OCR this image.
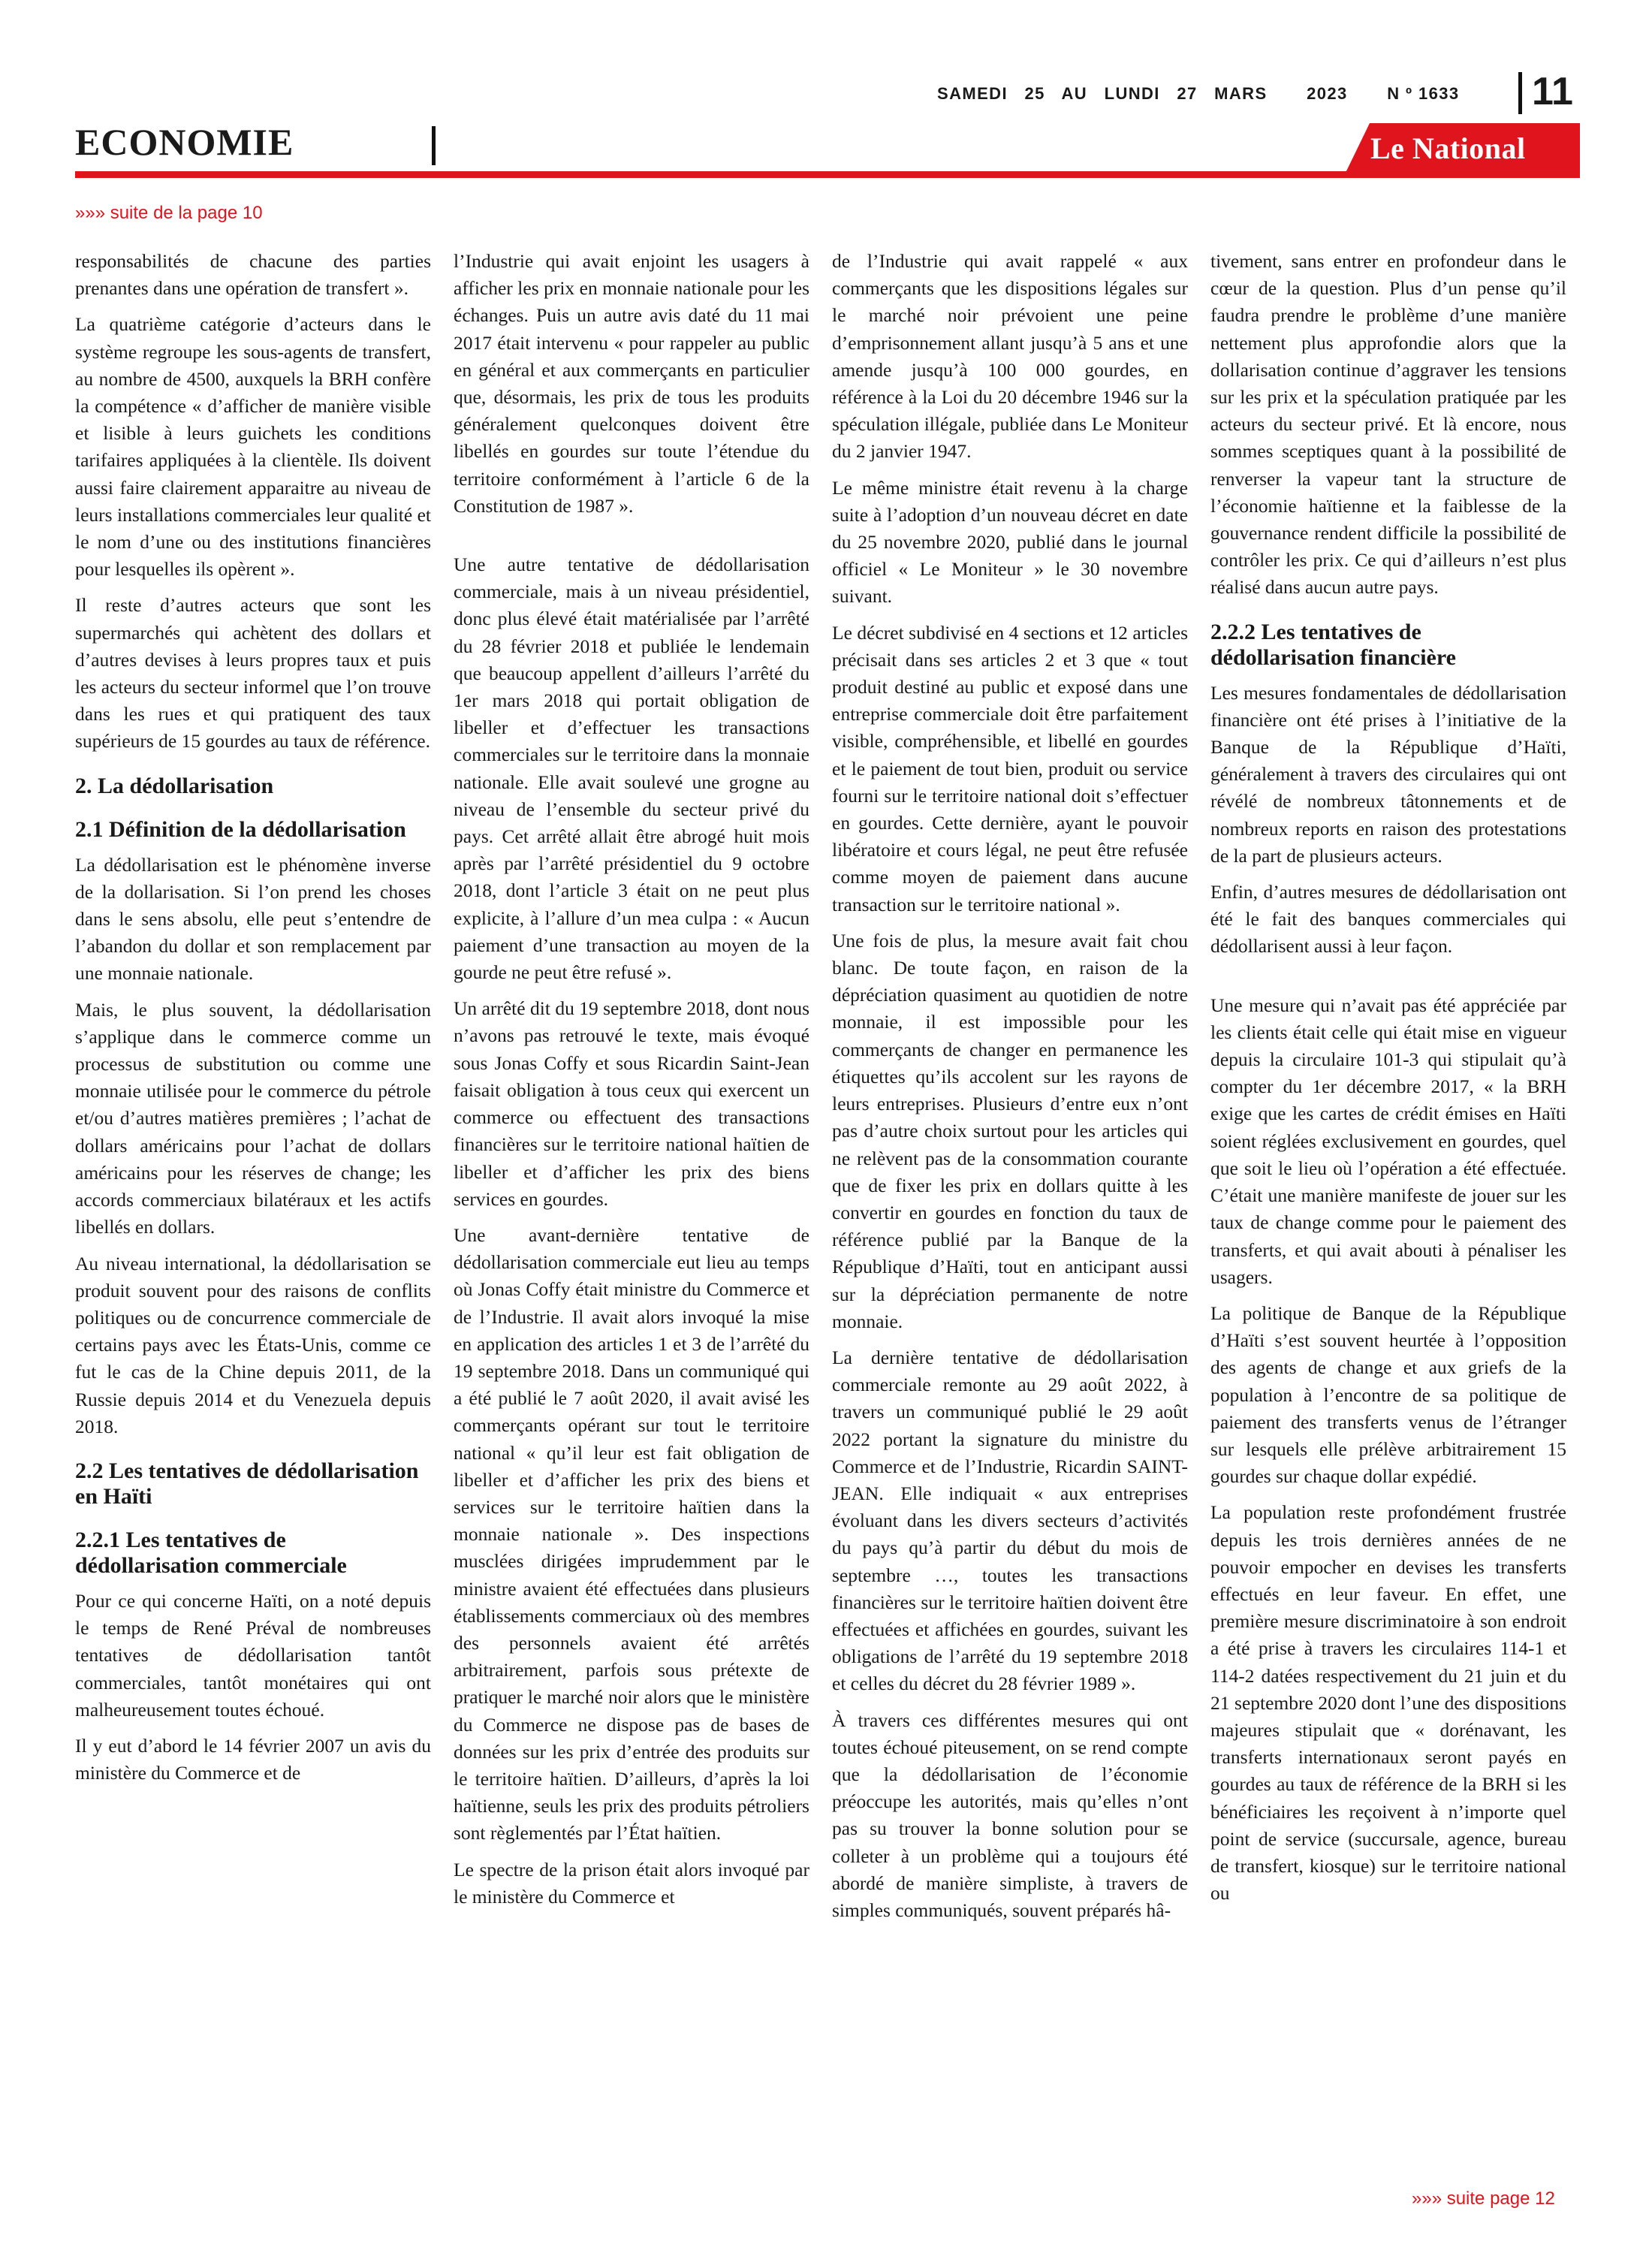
SAMEDI   25   AU   LUNDI   27   MARS       2023       N º 1633 11
ECONOMIE	Le National
»»» suite de la page 10

responsabilités de chacune des parties prenantes dans une opération de transfert ».

La quatrième catégorie d’acteurs dans le système regroupe les sous-agents de transfert, au nombre de 4500, auxquels la BRH confère la compétence « d’afficher de manière visible et lisible à leurs guichets les conditions tarifaires appliquées à la clientèle. Ils doivent aussi faire clairement apparaitre au niveau de leurs installations commerciales leur qualité et le nom d’une ou des institutions financières pour lesquelles ils opèrent ».

Il reste d’autres acteurs que sont les supermarchés qui achètent des dollars et d’autres devises à leurs propres taux et puis les acteurs du secteur informel que l’on trouve dans les rues et qui pratiquent des taux supérieurs de 15 gourdes au taux de référence.

2. La dédollarisation
2.1 Définition de la dédollarisation

La dédollarisation est le phénomène inverse de la dollarisation. Si l’on prend les choses dans le sens absolu, elle peut s’entendre de l’abandon du dollar et son remplacement par une monnaie nationale.

Mais, le plus souvent, la dédollarisation s’applique dans le commerce comme un processus de substitution ou comme une monnaie utilisée pour le commerce du pétrole et/ou d’autres matières premières ; l’achat de dollars américains pour l’achat de dollars américains pour les réserves de change; les accords commerciaux bilatéraux et les actifs libellés en dollars.

Au niveau international, la dédollarisation se produit souvent pour des raisons de conflits politiques ou de concurrence commerciale de certains pays avec les États-Unis, comme ce fut le cas de la Chine depuis 2011, de la Russie depuis 2014 et du Venezuela depuis 2018.

2.2 Les tentatives de dédollarisation en Haïti
2.2.1 Les tentatives de dédollarisation commerciale

Pour ce qui concerne Haïti, on a noté depuis le temps de René Préval de nombreuses tentatives de dédollarisation tantôt commerciales, tantôt monétaires qui ont malheureusement toutes échoué.

Il y eut d’abord le 14 février 2007 un avis du ministère du Commerce et de

l’Industrie qui avait enjoint les usagers à afficher les prix en monnaie nationale pour les échanges. Puis un autre avis daté du 11 mai 2017 était intervenu « pour rappeler au public en général et aux commerçants en particulier que, désormais, les prix de tous les produits généralement quelconques doivent être libellés en gourdes sur toute l’étendue du territoire conformément à l’article 6 de la Constitution de 1987 ».

Une autre tentative de dédollarisation commerciale, mais à un niveau présidentiel, donc plus élevé était matérialisée par l’arrêté du 28 février 2018 et publiée le lendemain que beaucoup appellent d’ailleurs l’arrêté du 1er mars 2018 qui portait obligation de libeller et d’effectuer les transactions commerciales sur le territoire dans la monnaie nationale. Elle avait soulevé une grogne au niveau de l’ensemble du secteur privé du pays. Cet arrêté allait être abrogé huit mois après par l’arrêté présidentiel du 9 octobre 2018, dont l’article 3 était on ne peut plus explicite, à l’allure d’un mea culpa : « Aucun paiement d’une transaction au moyen de la gourde ne peut être refusé ».

Un arrêté dit du 19 septembre 2018, dont nous n’avons pas retrouvé le texte, mais évoqué sous Jonas Coffy et sous Ricardin Saint-Jean faisait obligation à tous ceux qui exercent un commerce ou effectuent des transactions financières sur le territoire national haïtien de libeller et d’afficher les prix des biens services en gourdes.

Une avant-dernière tentative de dédollarisation commerciale eut lieu au temps où Jonas Coffy était ministre du Commerce et de l’Industrie. Il avait alors invoqué la mise en application des articles 1 et 3 de l’arrêté du 19 septembre 2018. Dans un communiqué qui a été publié le 7 août 2020, il avait avisé les commerçants opérant sur tout le territoire national « qu’il leur est fait obligation de libeller et d’afficher les prix des biens et services sur le territoire haïtien dans la monnaie nationale ». Des inspections musclées dirigées imprudemment par le ministre avaient été effectuées dans plusieurs établissements commerciaux où des membres des personnels avaient été arrêtés arbitrairement, parfois sous prétexte de pratiquer le marché noir alors que le ministère du Commerce ne dispose pas de bases de données sur les prix d’entrée des produits sur le territoire haïtien. D’ailleurs, d’après la loi haïtienne, seuls les prix des produits pétroliers sont règlementés par l’État haïtien.

Le spectre de la prison était alors invoqué par le ministère du Commerce et

de l’Industrie qui avait rappelé « aux commerçants que les dispositions légales sur le marché noir prévoient une peine d’emprisonnement allant jusqu’à 5 ans et une amende jusqu’à 100 000 gourdes, en référence à la Loi du 20 décembre 1946 sur la spéculation illégale, publiée dans Le Moniteur du 2 janvier 1947.

Le même ministre était revenu à la charge suite à l’adoption d’un nouveau décret en date du 25 novembre 2020, publié dans le journal officiel « Le Moniteur » le 30 novembre suivant.

Le décret subdivisé en 4 sections et 12 articles précisait dans ses articles 2 et 3 que « tout produit destiné au public et exposé dans une entreprise commerciale doit être parfaitement visible, compréhensible, et libellé en gourdes et le paiement de tout bien, produit ou service fourni sur le territoire national doit s’effectuer en gourdes. Cette dernière, ayant le pouvoir libératoire et cours légal, ne peut être refusée comme moyen de paiement dans aucune transaction sur le territoire national ».

Une fois de plus, la mesure avait fait chou blanc. De toute façon, en raison de la dépréciation quasiment au quotidien de notre monnaie, il est impossible pour les commerçants de changer en permanence les étiquettes qu’ils accolent sur les rayons de leurs entreprises. Plusieurs d’entre eux n’ont pas d’autre choix surtout pour les articles qui ne relèvent pas de la consommation courante que de fixer les prix en dollars quitte à les convertir en gourdes en fonction du taux de référence publié par la Banque de la République d’Haïti, tout en anticipant aussi sur la dépréciation permanente de notre monnaie.

La dernière tentative de dédollarisation commerciale remonte au 29 août 2022, à travers un communiqué publié le 29 août 2022 portant la signature du ministre du Commerce et de l’Industrie, Ricardin SAINT-JEAN. Elle indiquait « aux entreprises évoluant dans les divers secteurs d’activités du pays qu’à partir du début du mois de septembre …, toutes les transactions financières sur le territoire haïtien doivent être effectuées et affichées en gourdes, suivant les obligations de l’arrêté du 19 septembre 2018 et celles du décret du 28 février 1989 ».

À travers ces différentes mesures qui ont toutes échoué piteusement, on se rend compte que la dédollarisation de l’économie préoccupe les autorités, mais qu’elles n’ont pas su trouver la bonne solution pour se colleter à un problème qui a toujours été abordé de manière simpliste, à travers de simples communiqués, souvent préparés hâ-

tivement, sans entrer en profondeur dans le cœur de la question. Plus d’un pense qu’il faudra prendre le problème d’une manière nettement plus approfondie alors que la dollarisation continue d’aggraver les tensions sur les prix et la spéculation pratiquée par les acteurs du secteur privé. Et là encore, nous sommes sceptiques quant à la possibilité de renverser la vapeur tant la structure de l’économie haïtienne et la faiblesse de la gouvernance rendent difficile la possibilité de contrôler les prix. Ce qui d’ailleurs n’est plus réalisé dans aucun autre pays.

2.2.2 Les tentatives de dédollarisation financière

Les mesures fondamentales de dédollarisation financière ont été prises à l’initiative de la Banque de la République d’Haïti, généralement à travers des circulaires qui ont révélé de nombreux tâtonnements et de nombreux reports en raison des protestations de la part de plusieurs acteurs.

Enfin, d’autres mesures de dédollarisation ont été le fait des banques commerciales qui dédollarisent aussi à leur façon.

Une mesure qui n’avait pas été appréciée par les clients était celle qui était mise en vigueur depuis la circulaire 101-3 qui stipulait qu’à compter du 1er décembre 2017, « la BRH exige que les cartes de crédit émises en Haïti soient réglées exclusivement en gourdes, quel que soit le lieu où l’opération a été effectuée. C’était une manière manifeste de jouer sur les taux de change comme pour le paiement des transferts, et qui avait abouti à pénaliser les usagers.

La politique de Banque de la République d’Haïti s’est souvent heurtée à l’opposition des agents de change et aux griefs de la population à l’encontre de sa politique de paiement des transferts venus de l’étranger sur lesquels elle prélève arbitrairement 15 gourdes sur chaque dollar expédié.

La population reste profondément frustrée depuis les trois dernières années de ne pouvoir empocher en devises les transferts effectués en leur faveur. En effet, une première mesure discriminatoire à son endroit a été prise à travers les circulaires 114-1 et 114-2 datées respectivement du 21 juin et du 21 septembre 2020 dont l’une des dispositions majeures stipulait que « dorénavant, les transferts internationaux seront payés en gourdes au taux de référence de la BRH si les bénéficiaires les reçoivent à n’importe quel point de service (succursale, agence, bureau de transfert, kiosque) sur le territoire national ou

»»» suite page 12
